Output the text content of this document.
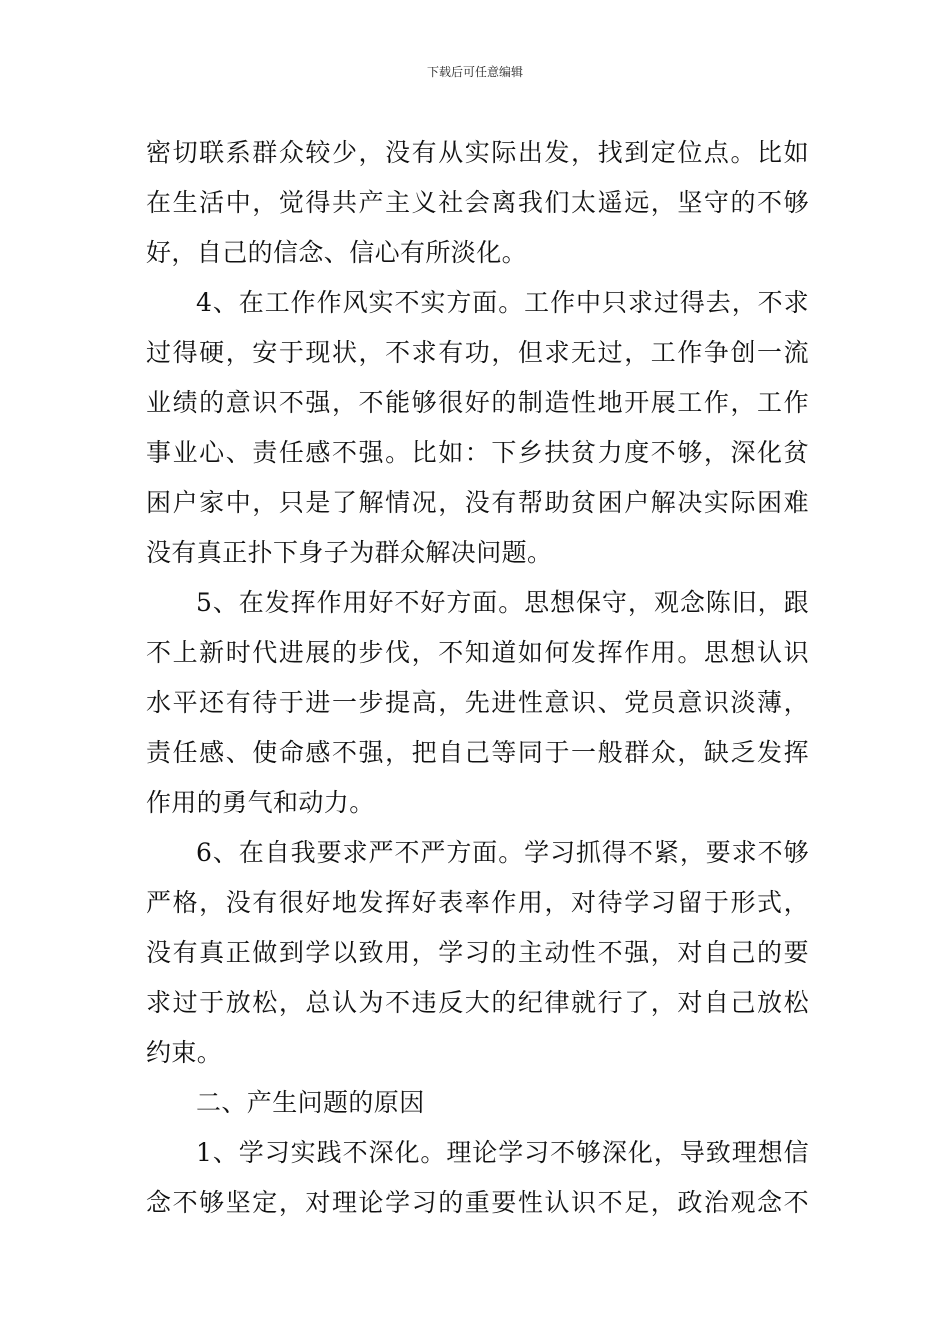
下载后可任意编辑
密切联系群众较少，没有从实际出发，找到定位点。比如
在生活中，觉得共产主义社会离我们太遥远，坚守的不够
好，自己的信念、信心有所淡化。
4、在工作作风实不实方面。工作中只求过得去，不求
过得硬，安于现状，不求有功，但求无过，工作争创一流
业绩的意识不强，不能够很好的制造性地开展工作，工作
事业心、责任感不强。比如：下乡扶贫力度不够，深化贫
困户家中，只是了解情况，没有帮助贫困户解决实际困难
没有真正扑下身子为群众解决问题。
5、在发挥作用好不好方面。思想保守，观念陈旧，跟
不上新时代进展的步伐，不知道如何发挥作用。思想认识
水平还有待于进一步提高，先进性意识、党员意识淡薄，
责任感、使命感不强，把自己等同于一般群众，缺乏发挥
作用的勇气和动力。
6、在自我要求严不严方面。学习抓得不紧，要求不够
严格，没有很好地发挥好表率作用，对待学习留于形式，
没有真正做到学以致用，学习的主动性不强，对自己的要
求过于放松，总认为不违反大的纪律就行了，对自己放松
约束。
二、产生问题的原因
1、学习实践不深化。理论学习不够深化，导致理想信
念不够坚定，对理论学习的重要性认识不足，政治观念不
